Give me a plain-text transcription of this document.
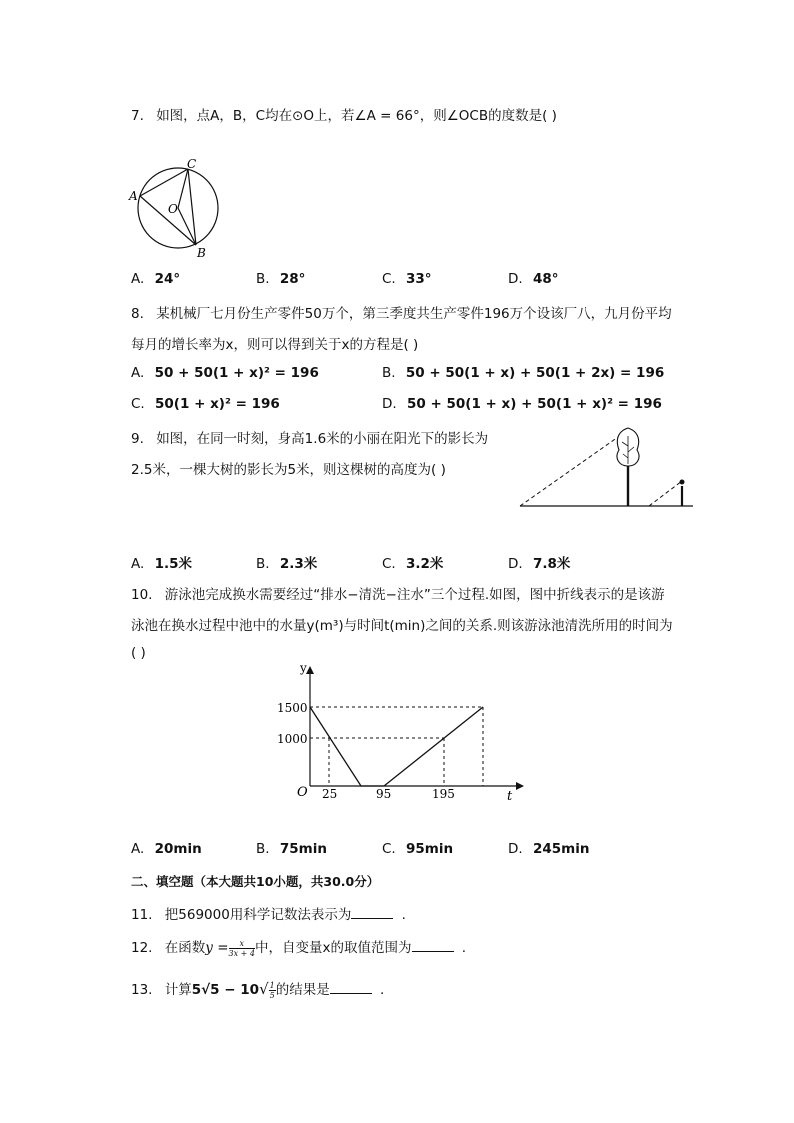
7. 如图，点A，B，C均在⊙O上，若∠A = 66°，则∠OCB的度数是( )
A
C
O
B
A. 24°	B. 28°	C. 33°	D. 48°
8. 某机械厂七月份生产零件50万个，第三季度共生产零件196万个设该厂八，九月份平均
每月的增长率为x，则可以得到关于x的方程是( )
A. 50 + 50(1 + x)² = 196	B. 50 + 50(1 + x) + 50(1 + 2x) = 196
C. 50(1 + x)² = 196	D. 50 + 50(1 + x) + 50(1 + x)² = 196
9. 如图，在同一时刻，身高1.6米的小丽在阳光下的影长为
2.5米，一棵大树的影长为5米，则这棵树的高度为( )
A. 1.5米	B. 2.3米	C. 3.2米	D. 7.8米
10. 游泳池完成换水需要经过“排水−清洗−注水”三个过程.如图，图中折线表示的是该游
泳池在换水过程中池中的水量y(m³)与时间t(min)之间的关系.则该游泳池清洗所用的时间为
( )
y
t
O
1500
1000
25	95	195
A. 20min	B. 75min	C. 95min	D. 245min
二、填空题（本大题共10小题，共30.0分）
11. 把569000用科学记数法表示为	.
12. 在函数$y = \frac{x}{3x + 4}$ 中，自变量x的取值范围为	.
13. 计算$5√5 - 10√ \frac{1}{5}$ 的结果是	.
